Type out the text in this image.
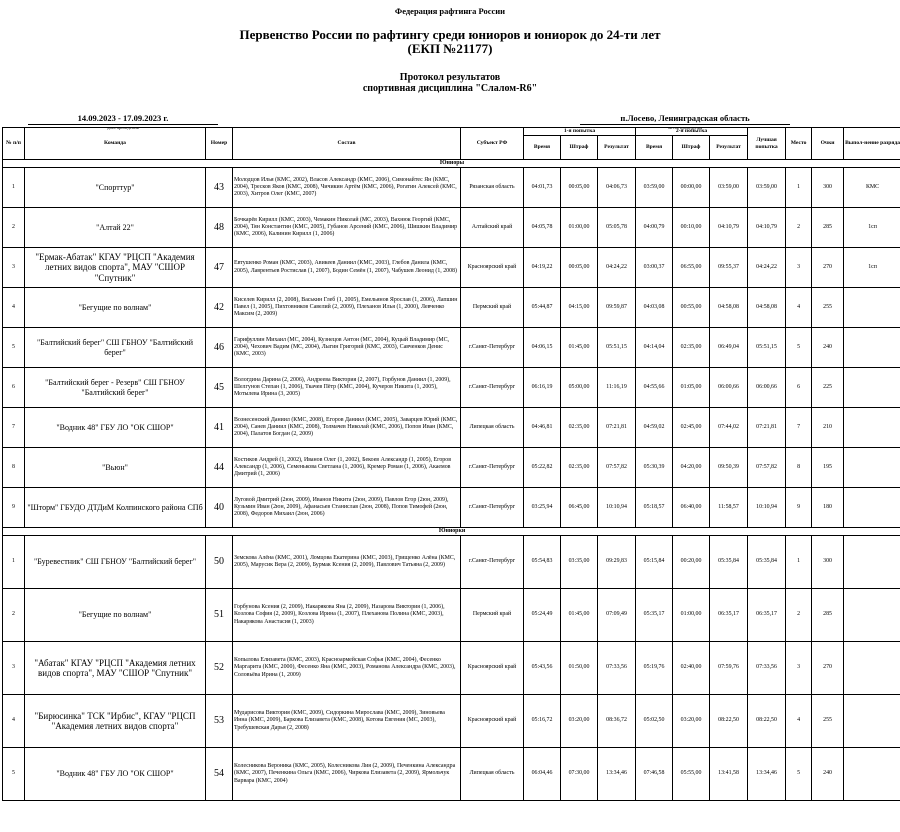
Федерация рафтинга России
Первенство России по рафтингу среди юниоров и юниорок до 24-ти лет
(ЕКП №21177)
Протокол результатов
спортивная дисциплина "Слалом-R6"
14.09.2023 - 17.09.2023 г.
дата проведения
п.Лосево, Ленинградская область
место проведения
№ п/п	Команда	Номер	Состав	Субъект РФ	1-я попытка			2-я попытка			Лучшая попытка	Место	Очки	Выпол-нение разряда
					Время	Штраф	Результат	Время	Штраф	Результат				
Юниоры														
1	"Спорттур"	43	Молодцов Илья (КМС, 2002), Власов Александр (КМС, 2006), Симонайтес Ян (КМС, 2004), Тресков Яков (КМС, 2008), Чичикин Артём (КМС, 2006), Рогатин Алексей (КМС, 2003), Хитров Олег (КМС, 2007)	Рязанская область	04:01,73	00:05,00	04:06,73	03:59,00	00:00,00	03:59,00	03:59,00	1	300	КМС
2	"Алтай 22"	48	Бочкарёв Кирилл (КМС, 2003), Чемакин Николай (МС, 2003), Вахнюк Георгий (КМС, 2004), Тян Константин (КМС, 2005), Губанов Арсений (КМС, 2006), Шишкин Владимир (КМС, 2006), Калинин Кирилл (1, 2006)	Алтайский край	04:05,78	01:00,00	05:05,78	04:00,79	00:10,00	04:10,79	04:10,79	2	285	1сп
3	"Ермак-Абатак" КГАУ "РЦСП "Академия летних видов спорта", МАУ "СШОР "Спутник"	47	Евтушенко Роман (КМС, 2003), Авикеев Даниил (КМС, 2003), Глебов Данила (КМС, 2005), Лаврентьев Ростислав (1, 2007), Бодин Семён (1, 2007), Чабушев Леонид (1, 2008)	Красноярский край	04:19,22	00:05,00	04:24,22	03:00,37	06:55,00	09:55,37	04:24,22	3	270	1сп
4	"Бегущие по волнам"	42	Киселев Кирилл (2, 2008), Васькин Глеб (1, 2005), Емельянов Ярослав (1, 2006), Лапшин Павел (1, 2005), Пихтовников Савелий (2, 2009), Плеханов Илья (1, 2000), Левченко Максим (2, 2009)	Пермский край	05:44,87	04:15,00	09:59,87	04:03,08	00:55,00	04:58,08	04:58,08	4	255	
5	"Балтийский берег" СШ ГБНОУ "Балтийский берег"	46	Гарифуллин Михаил (МС, 2004), Кузнецов Антон (МС, 2004), Куцый Владимир (МС, 2004), Чехович Вадим (МС, 2004), Лыгин Григорий (КМС, 2003), Савченков Денис (КМС, 2003)	г.Санкт-Петербург	04:06,15	01:45,00	05:51,15	04:14,04	02:35,00	06:49,04	05:51,15	5	240	
6	"Балтийский берег - Резерв" СШ ГБНОУ "Балтийский берег"	45	Вологдина Дарина (2, 2006), Андреева Виктория (2, 2007), Горбунов Даниил (1, 2009), Шелгунов Степан (1, 2006), Ткачев Пётр (КМС, 2004), Кучеров Никита (1, 2005), Мотылева Ирина (3, 2005)	г.Санкт-Петербург	06:16,19	05:00,00	11:16,19	04:55,66	01:05,00	06:00,66	06:00,66	6	225	
7	"Водник 48" ГБУ ЛО "ОК СШОР"	41	Вознесенский Даниил (КМС, 2008), Егоров Даниил (КМС, 2005), Заварцев Юрий (КМС, 2004), Санев Даниил (КМС, 2008), Толмачев Николай (КМС, 2006), Попов Иван (КМС, 2004), Палатов Богдан (2, 2009)	Липецкая область	04:46,81	02:35,00	07:21,81	04:59,02	02:45,00	07:44,02	07:21,81	7	210	
8	"Вьюн"	44	Костиков Андрей (1, 2002), Иванов Олег (1, 2002), Бекоев Александр (1, 2005), Егоров Александр (1, 2006), Семенькова Светлана (1, 2006), Кремер Роман (1, 2006), Акаемов Дмитрий (1, 2006)	г.Санкт-Петербург	05:22,82	02:35,00	07:57,82	05:30,39	04:20,00	09:50,39	07:57,82	8	195	
9	"Шторм" ГБУДО ДТДиМ Колпинского района СПб	40	Луговой Дмитрий (2юн, 2009), Иванов Никита (2юн, 2009), Павлов Егор (2юн, 2009), Кузьмин Иван (2юн, 2009), Афанасьев Станислав (2юн, 2008), Попов Тимофей (2юн, 2008), Федоров Михаил (2юн, 2006)	г.Санкт-Петербург	03:25,94	06:45,00	10:10,94	05:18,57	06:40,00	11:58,57	10:10,94	9	180	
Юниорки														
1	"Буревестник" СШ ГБНОУ "Балтийский берег"	50	Земскова Алёна (КМС, 2001), Ломцова Екатерина (КМС, 2003), Грищенко Алёна (КМС, 2005), Марусик Вера (2, 2009), Бурмак Ксения (2, 2009), Павлович Татьяна (2, 2009)	г.Санкт-Петербург	05:54,83	03:35,00	09:29,83	05:15,84	00:20,00	05:35,84	05:35,84	1	300	
2	"Бегущие по волнам"	51	Горбунова Ксения (2, 2009), Накарякова Яна (2, 2009), Назарова Виктория (1, 2006), Козлова София (2, 2009), Козлова Ирина (1, 2007), Плеханова Полина (КМС, 2003), Накарякова Анастасия (1, 2003)	Пермский край	05:24,49	01:45,00	07:09,49	05:35,17	01:00,00	06:35,17	06:35,17	2	285	
3	"Абатак" КГАУ "РЦСП "Академия летних видов спорта", МАУ "СШОР "Спутник"	52	Копылова Елизавета (КМС, 2003), Красноармейская Софья (КМС, 2004), Фесенко Маргарита (КМС, 2000), Фесенко Яна (КМС, 2003), Романова Александра (КМС, 2003), Соловьёва Ирина (1, 2009)	Красноярский край	05:43,56	01:50,00	07:33,56	05:19,76	02:40,00	07:59,76	07:33,56	3	270	
4	"Бирюсинка" ТСК "Ирбис", КГАУ "РЦСП "Академия летних видов спорта"	53	Мударисова Виктория (КМС, 2009), Сидоркина Мирослава (КМС, 2009), Зиновьева Инна (КМС, 2009), Баркова Елизавета (КМС, 2008), Котова Евгения (МС, 2003), Требушевская Дарья (2, 2008)	Красноярский край	05:16,72	03:20,00	08:36,72	05:02,50	03:20,00	08:22,50	08:22,50	4	255	
5	"Водник 48" ГБУ ЛО "ОК СШОР"	54	Колесникова Вероника (КМС, 2005), Колесникова Лия (2, 2009), Печенкина Александра (КМС, 2007), Печенкина Ольга (КМС, 2006), Чиркова Елизавета (2, 2009), Ярмольчук Варвара (КМС, 2004)	Липецкая область	06:04,46	07:30,00	13:34,46	07:46,58	05:55,00	13:41,58	13:34,46	5	240	
